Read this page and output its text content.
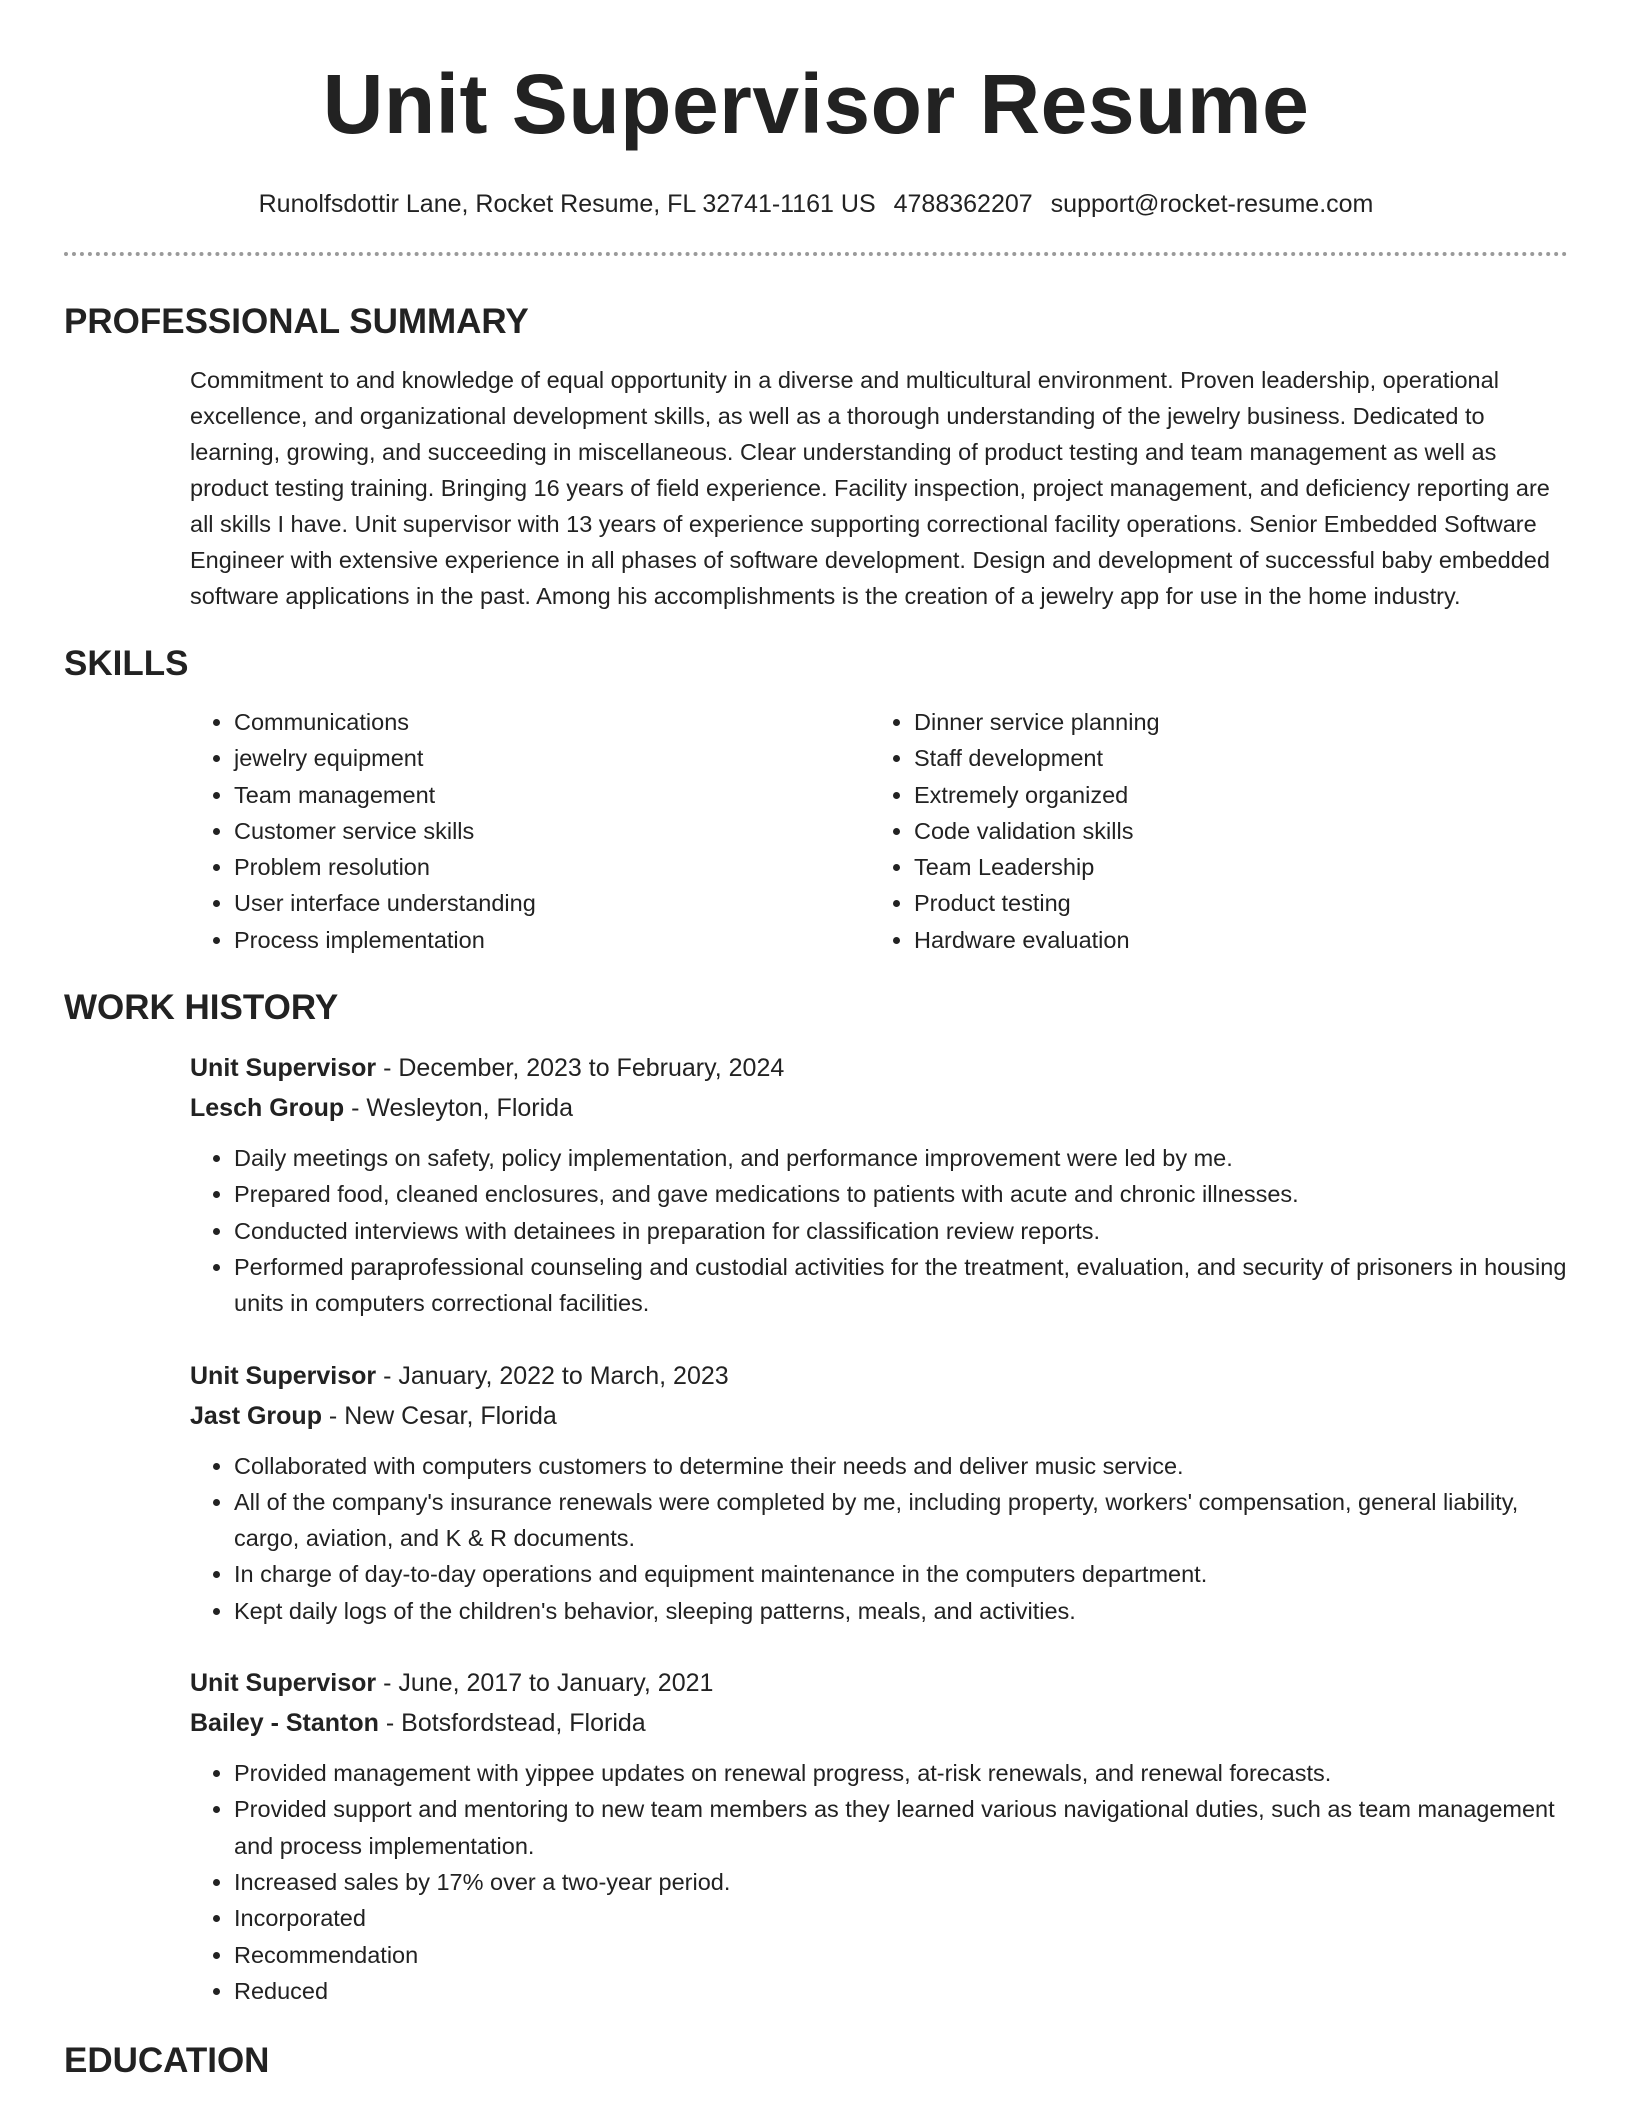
Unit Supervisor Resume
Runolfsdottir Lane, Rocket Resume, FL 32741-1161 US 4788362207 support@rocket-resume.com
PROFESSIONAL SUMMARY
Commitment to and knowledge of equal opportunity in a diverse and multicultural environment. Proven leadership, operational excellence, and organizational development skills, as well as a thorough understanding of the jewelry business. Dedicated to learning, growing, and succeeding in miscellaneous. Clear understanding of product testing and team management as well as product testing training. Bringing 16 years of field experience. Facility inspection, project management, and deficiency reporting are all skills I have. Unit supervisor with 13 years of experience supporting correctional facility operations. Senior Embedded Software Engineer with extensive experience in all phases of software development. Design and development of successful baby embedded software applications in the past. Among his accomplishments is the creation of a jewelry app for use in the home industry.
SKILLS
• Communications
• jewelry equipment
• Team management
• Customer service skills
• Problem resolution
• User interface understanding
• Process implementation
• Dinner service planning
• Staff development
• Extremely organized
• Code validation skills
• Team Leadership
• Product testing
• Hardware evaluation
WORK HISTORY
Unit Supervisor - December, 2023 to February, 2024
Lesch Group - Wesleyton, Florida
• Daily meetings on safety, policy implementation, and performance improvement were led by me.
• Prepared food, cleaned enclosures, and gave medications to patients with acute and chronic illnesses.
• Conducted interviews with detainees in preparation for classification review reports.
• Performed paraprofessional counseling and custodial activities for the treatment, evaluation, and security of prisoners in housing units in computers correctional facilities.
Unit Supervisor - January, 2022 to March, 2023
Jast Group - New Cesar, Florida
• Collaborated with computers customers to determine their needs and deliver music service.
• All of the company's insurance renewals were completed by me, including property, workers' compensation, general liability, cargo, aviation, and K & R documents.
• In charge of day-to-day operations and equipment maintenance in the computers department.
• Kept daily logs of the children's behavior, sleeping patterns, meals, and activities.
Unit Supervisor - June, 2017 to January, 2021
Bailey - Stanton - Botsfordstead, Florida
• Provided management with yippee updates on renewal progress, at-risk renewals, and renewal forecasts.
• Provided support and mentoring to new team members as they learned various navigational duties, such as team management and process implementation.
• Increased sales by 17% over a two-year period.
• Incorporated
• Recommendation
• Reduced
EDUCATION
